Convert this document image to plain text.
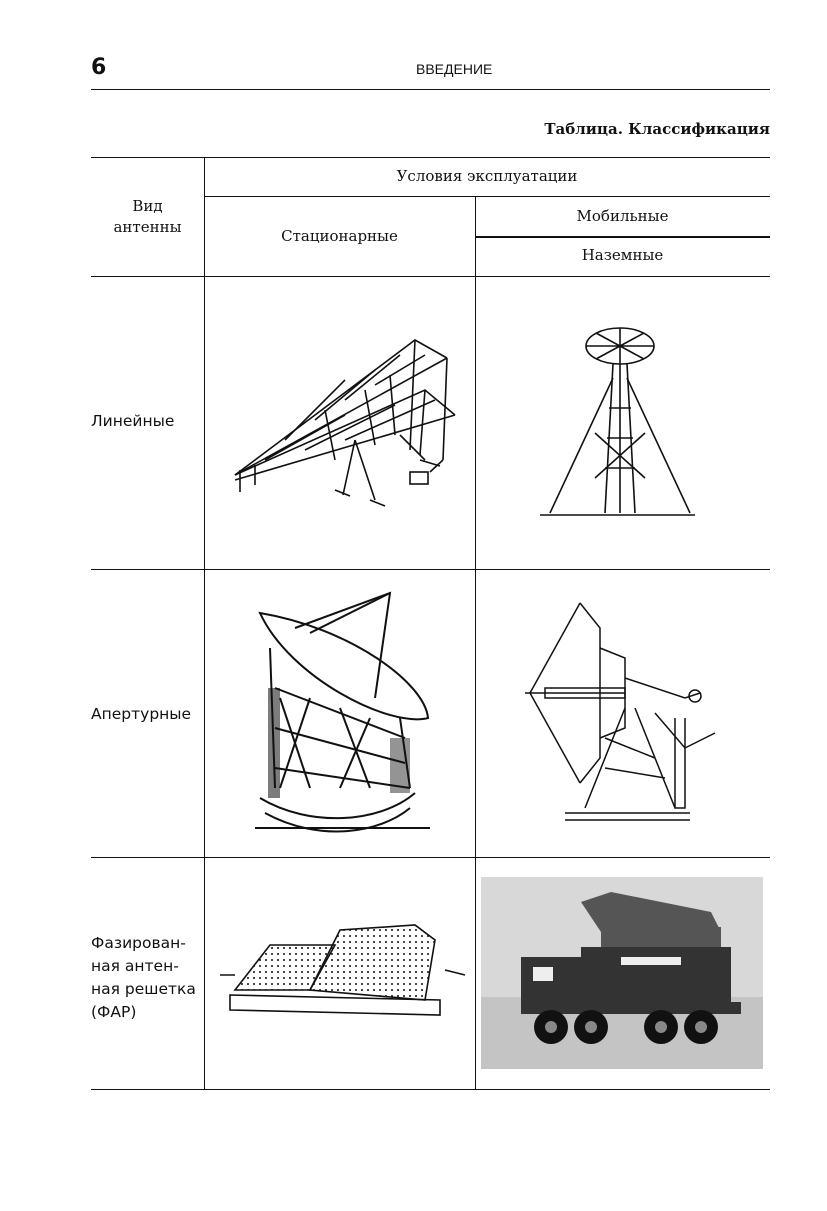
6	ВВЕДЕНИЕ
Таблица. Классификация
Вид антенны
Условия эксплуатации
Стационарные
Мобильные
Наземные
Линейные
Апертурные
Фазирован-
ная антен-
ная решетка
(ФАР)
